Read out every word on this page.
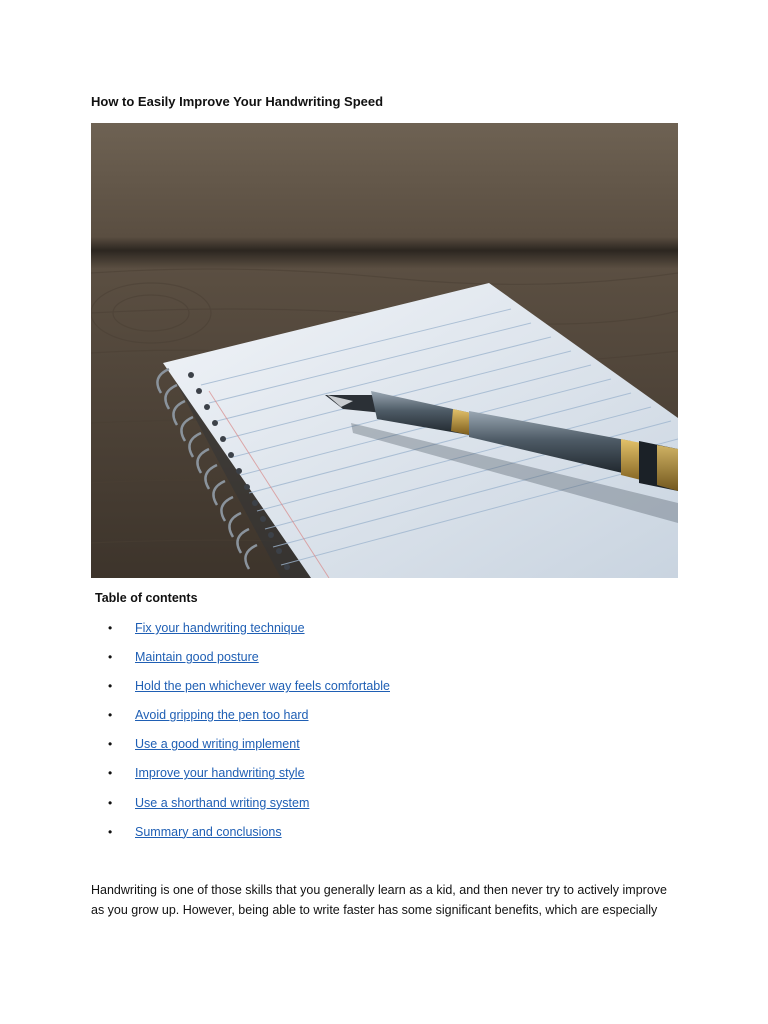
How to Easily Improve Your Handwriting Speed
Table of contents
• Fix your handwriting technique
• Maintain good posture
• Hold the pen whichever way feels comfortable
• Avoid gripping the pen too hard
• Use a good writing implement
• Improve your handwriting style
• Use a shorthand writing system
• Summary and conclusions

Handwriting is one of those skills that you generally learn as a kid, and then never try to actively improve

as you grow up. However, being able to write faster has some significant benefits, which are especially
